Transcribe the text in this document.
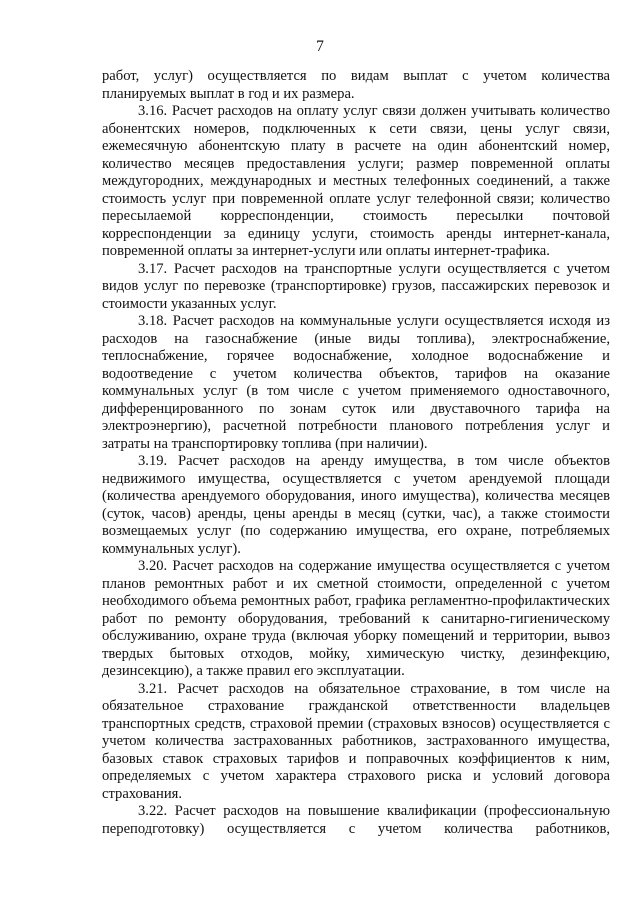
7

работ, услуг) осуществляется по видам выплат с учетом количества планируемых выплат в год и их размера.

3.16. Расчет расходов на оплату услуг связи должен учитывать количество абонентских номеров, подключенных к сети связи, цены услуг связи, ежемесячную абонентскую плату в расчете на один абонентский номер, количество месяцев предоставления услуги; размер повременной оплаты междугородних, международных и местных телефонных соединений, а также стоимость услуг при повременной оплате услуг телефонной связи; количество пересылаемой корреспонденции, стоимость пересылки почтовой корреспонденции за единицу услуги, стоимость аренды интернет-канала, повременной оплаты за интернет-услуги или оплаты интернет-трафика.

3.17. Расчет расходов на транспортные услуги осуществляется с учетом видов услуг по перевозке (транспортировке) грузов, пассажирских перевозок и стоимости указанных услуг.

3.18. Расчет расходов на коммунальные услуги осуществляется исходя из расходов на газоснабжение (иные виды топлива), электроснабжение, теплоснабжение, горячее водоснабжение, холодное водоснабжение и водоотведение с учетом количества объектов, тарифов на оказание коммунальных услуг (в том числе с учетом применяемого одноставочного, дифференцированного по зонам суток или двуставочного тарифа на электроэнергию), расчетной потребности планового потребления услуг и затраты на транспортировку топлива (при наличии).

3.19. Расчет расходов на аренду имущества, в том числе объектов недвижимого имущества, осуществляется с учетом арендуемой площади (количества арендуемого оборудования, иного имущества), количества месяцев (суток, часов) аренды, цены аренды в месяц (сутки, час), а также стоимости возмещаемых услуг (по содержанию имущества, его охране, потребляемых коммунальных услуг).

3.20. Расчет расходов на содержание имущества осуществляется с учетом планов ремонтных работ и их сметной стоимости, определенной с учетом необходимого объема ремонтных работ, графика регламентно-профилактических работ по ремонту оборудования, требований к санитарно-гигиеническому обслуживанию, охране труда (включая уборку помещений и территории, вывоз твердых бытовых отходов, мойку, химическую чистку, дезинфекцию, дезинсекцию), а также правил его эксплуатации.

3.21. Расчет расходов на обязательное страхование, в том числе на обязательное страхование гражданской ответственности владельцев транспортных средств, страховой премии (страховых взносов) осуществляется с учетом количества застрахованных работников, застрахованного имущества, базовых ставок страховых тарифов и поправочных коэффициентов к ним, определяемых с учетом характера страхового риска и условий договора страхования.

3.22. Расчет расходов на повышение квалификации (профессиональную переподготовку) осуществляется с учетом количества работников,
